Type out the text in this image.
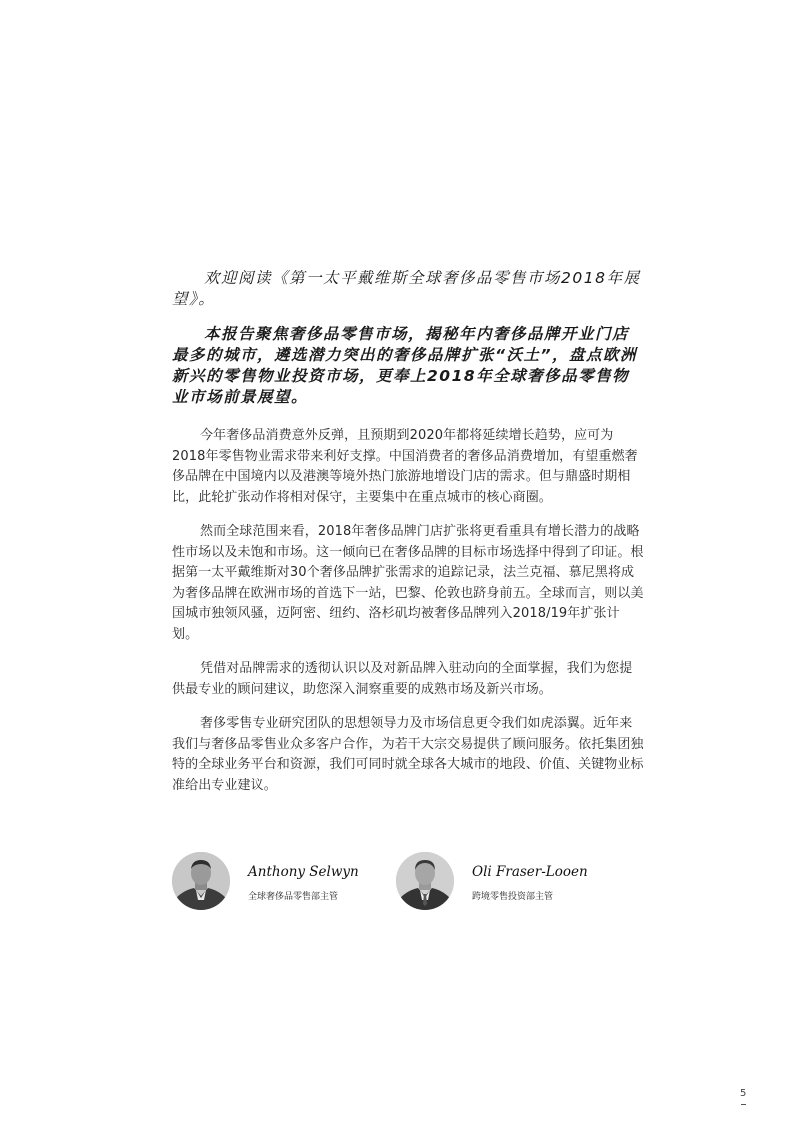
欢迎阅读《第一太平戴维斯全球奢侈品零售市场2018年展望》。

本报告聚焦奢侈品零售市场，揭秘年内奢侈品牌开业门店最多的城市，遴选潜力突出的奢侈品牌扩张“沃土”，盘点欧洲新兴的零售物业投资市场，更奉上2018年全球奢侈品零售物业市场前景展望。

今年奢侈品消费意外反弹，且预期到2020年都将延续增长趋势，应可为2018年零售物业需求带来利好支撑。中国消费者的奢侈品消费增加，有望重燃奢侈品牌在中国境内以及港澳等境外热门旅游地增设门店的需求。但与鼎盛时期相比，此轮扩张动作将相对保守，主要集中在重点城市的核心商圈。

然而全球范围来看，2018年奢侈品牌门店扩张将更看重具有增长潜力的战略性市场以及未饱和市场。这一倾向已在奢侈品牌的目标市场选择中得到了印证。根据第一太平戴维斯对30个奢侈品牌扩张需求的追踪记录，法兰克福、慕尼黑将成为奢侈品牌在欧洲市场的首选下一站，巴黎、伦敦也跻身前五。全球而言，则以美国城市独领风骚，迈阿密、纽约、洛杉矶均被奢侈品牌列入2018/19年扩张计划。

凭借对品牌需求的透彻认识以及对新品牌入驻动向的全面掌握，我们为您提供最专业的顾问建议，助您深入洞察重要的成熟市场及新兴市场。

奢侈零售专业研究团队的思想领导力及市场信息更令我们如虎添翼。近年来我们与奢侈品零售业众多客户合作，为若干大宗交易提供了顾问服务。依托集团独特的全球业务平台和资源，我们可同时就全球各大城市的地段、价值、关键物业标准给出专业建议。

Anthony Selwyn
全球奢侈品零售部主管
Oli Fraser-Looen
跨境零售投资部主管
5
